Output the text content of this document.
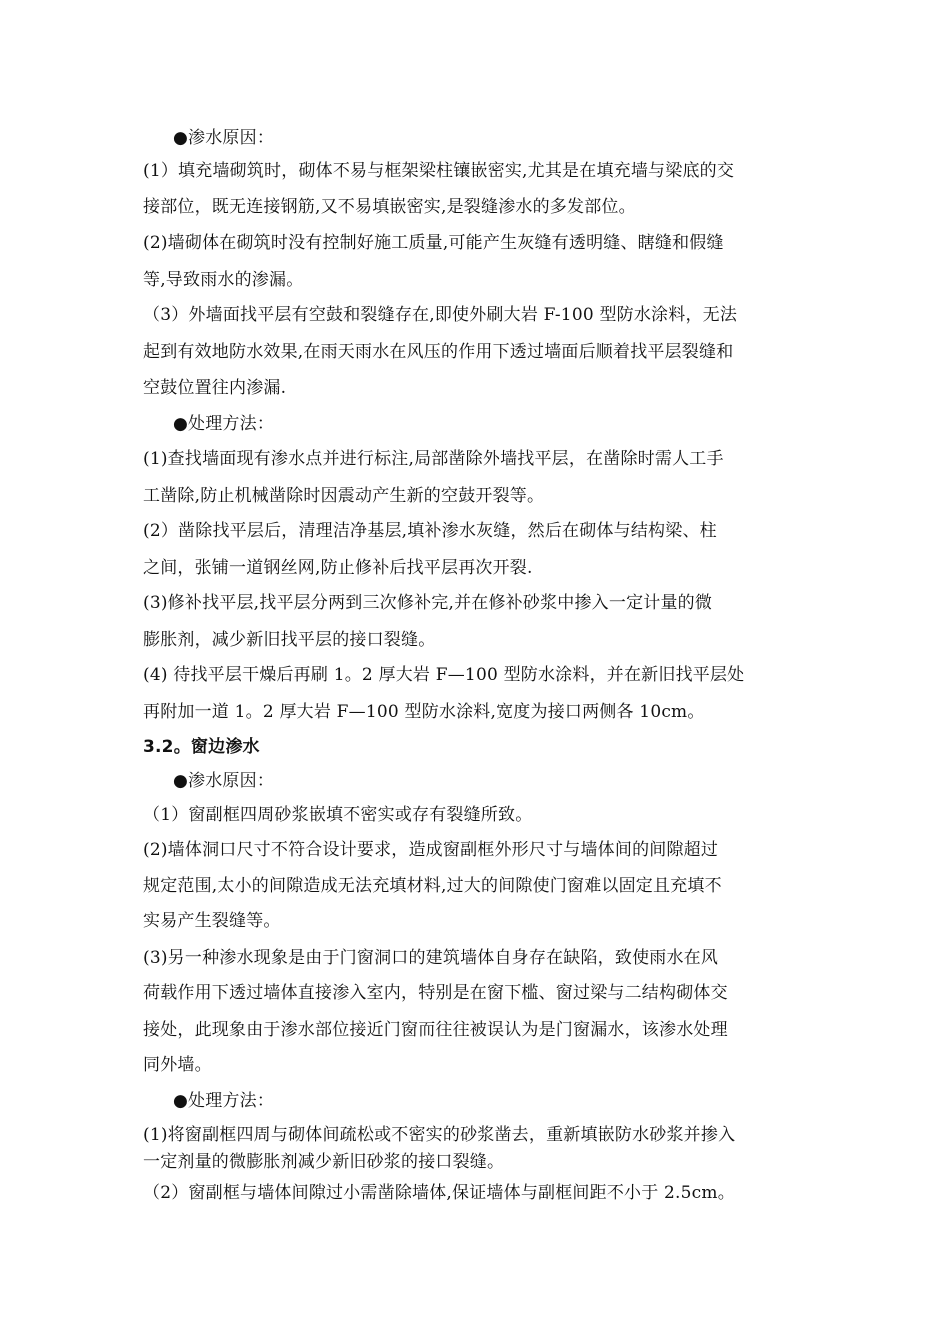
●渗水原因：
(1）填充墙砌筑时，砌体不易与框架梁柱镶嵌密实,尤其是在填充墙与梁底的交
接部位，既无连接钢筋,又不易填嵌密实,是裂缝渗水的多发部位。
(2)墙砌体在砌筑时没有控制好施工质量,可能产生灰缝有透明缝、瞎缝和假缝
等,导致雨水的渗漏。
（3）外墙面找平层有空鼓和裂缝存在,即使外刷大岩 F-100 型防水涂料，无法
起到有效地防水效果,在雨天雨水在风压的作用下透过墙面后顺着找平层裂缝和
空鼓位置往内渗漏.
●处理方法：
(1)查找墙面现有渗水点并进行标注,局部凿除外墙找平层，在凿除时需人工手
工凿除,防止机械凿除时因震动产生新的空鼓开裂等。
(2）凿除找平层后，清理洁净基层,填补渗水灰缝，然后在砌体与结构梁、柱
之间，张铺一道钢丝网,防止修补后找平层再次开裂.
(3)修补找平层,找平层分两到三次修补完,并在修补砂浆中掺入一定计量的微
膨胀剂，减少新旧找平层的接口裂缝。
(4) 待找平层干燥后再刷 1。2 厚大岩 F—100 型防水涂料，并在新旧找平层处
再附加一道 1。2 厚大岩 F—100 型防水涂料,宽度为接口两侧各 10cm。
3.2。窗边渗水
●渗水原因：
（1）窗副框四周砂浆嵌填不密实或存有裂缝所致。
(2)墙体洞口尺寸不符合设计要求，造成窗副框外形尺寸与墙体间的间隙超过
规定范围,太小的间隙造成无法充填材料,过大的间隙使门窗难以固定且充填不
实易产生裂缝等。
(3)另一种渗水现象是由于门窗洞口的建筑墙体自身存在缺陷，致使雨水在风
荷载作用下透过墙体直接渗入室内，特别是在窗下槛、窗过梁与二结构砌体交
接处，此现象由于渗水部位接近门窗而往往被误认为是门窗漏水，该渗水处理
同外墙。
●处理方法：
(1)将窗副框四周与砌体间疏松或不密实的砂浆凿去，重新填嵌防水砂浆并掺入
一定剂量的微膨胀剂减少新旧砂浆的接口裂缝。
（2）窗副框与墙体间隙过小需凿除墙体,保证墙体与副框间距不小于 2.5cm。
